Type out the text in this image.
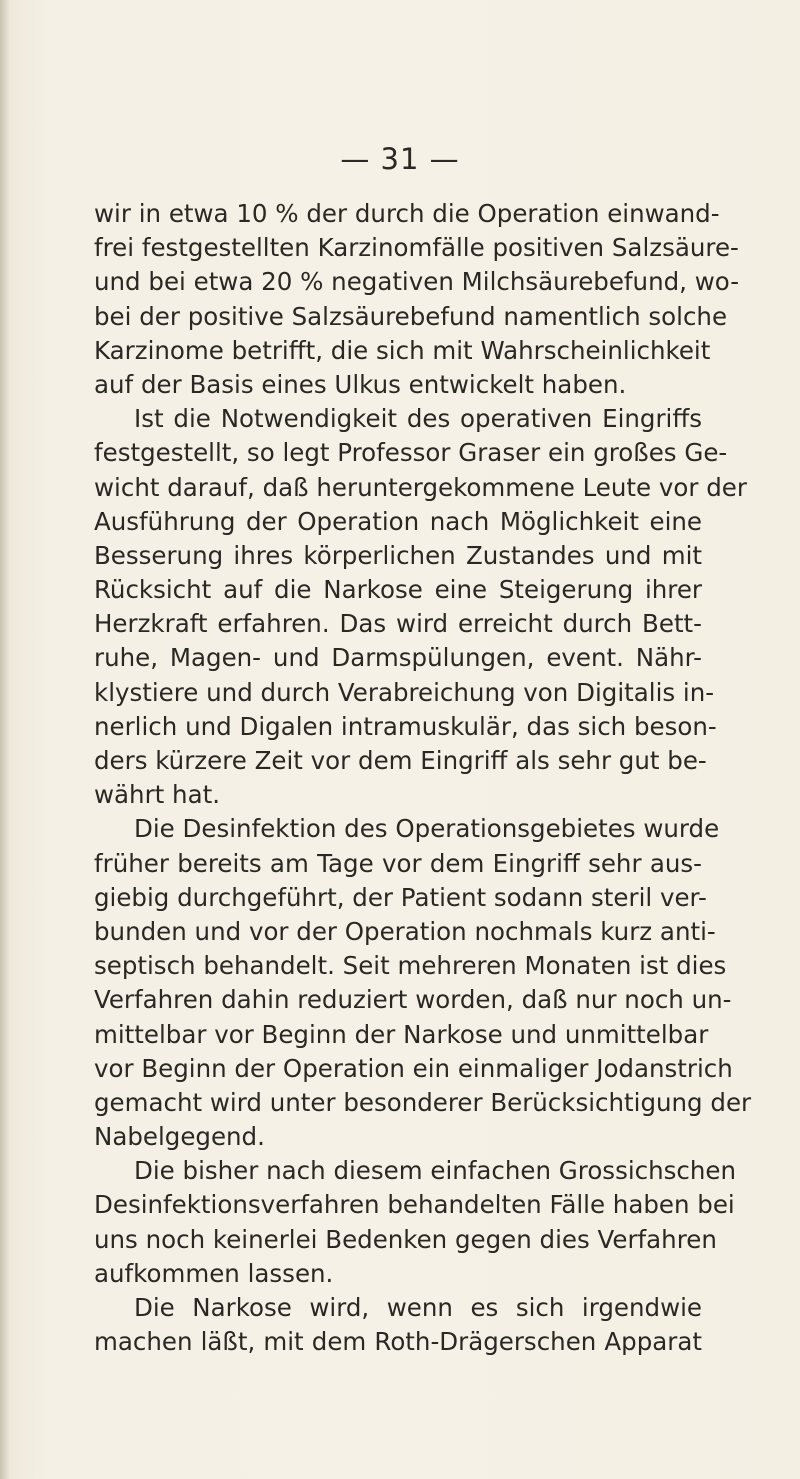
— 31 —
wir in etwa 10 % der durch die Operation einwand-
frei festgestellten Karzinomfälle positiven Salzsäure-
und bei etwa 20 % negativen Milchsäurebefund, wo-
bei der positive Salzsäurebefund namentlich solche
Karzinome betrifft, die sich mit Wahrscheinlichkeit
auf der Basis eines Ulkus entwickelt haben.
Ist die Notwendigkeit des operativen Eingriffs
festgestellt, so legt Professor Graser ein großes Ge-
wicht darauf, daß heruntergekommene Leute vor der
Ausführung der Operation nach Möglichkeit eine
Besserung ihres körperlichen Zustandes und mit
Rücksicht auf die Narkose eine Steigerung ihrer
Herzkraft erfahren. Das wird erreicht durch Bett-
ruhe, Magen- und Darmspülungen, event. Nähr-
klystiere und durch Verabreichung von Digitalis in-
nerlich und Digalen intramuskulär, das sich beson-
ders kürzere Zeit vor dem Eingriff als sehr gut be-
währt hat.
Die Desinfektion des Operationsgebietes wurde
früher bereits am Tage vor dem Eingriff sehr aus-
giebig durchgeführt, der Patient sodann steril ver-
bunden und vor der Operation nochmals kurz anti-
septisch behandelt. Seit mehreren Monaten ist dies
Verfahren dahin reduziert worden, daß nur noch un-
mittelbar vor Beginn der Narkose und unmittelbar
vor Beginn der Operation ein einmaliger Jodanstrich
gemacht wird unter besonderer Berücksichtigung der
Nabelgegend.
Die bisher nach diesem einfachen Grossichschen
Desinfektionsverfahren behandelten Fälle haben bei
uns noch keinerlei Bedenken gegen dies Verfahren
aufkommen lassen.
Die Narkose wird, wenn es sich irgendwie
machen läßt, mit dem Roth-Drägerschen Apparat
